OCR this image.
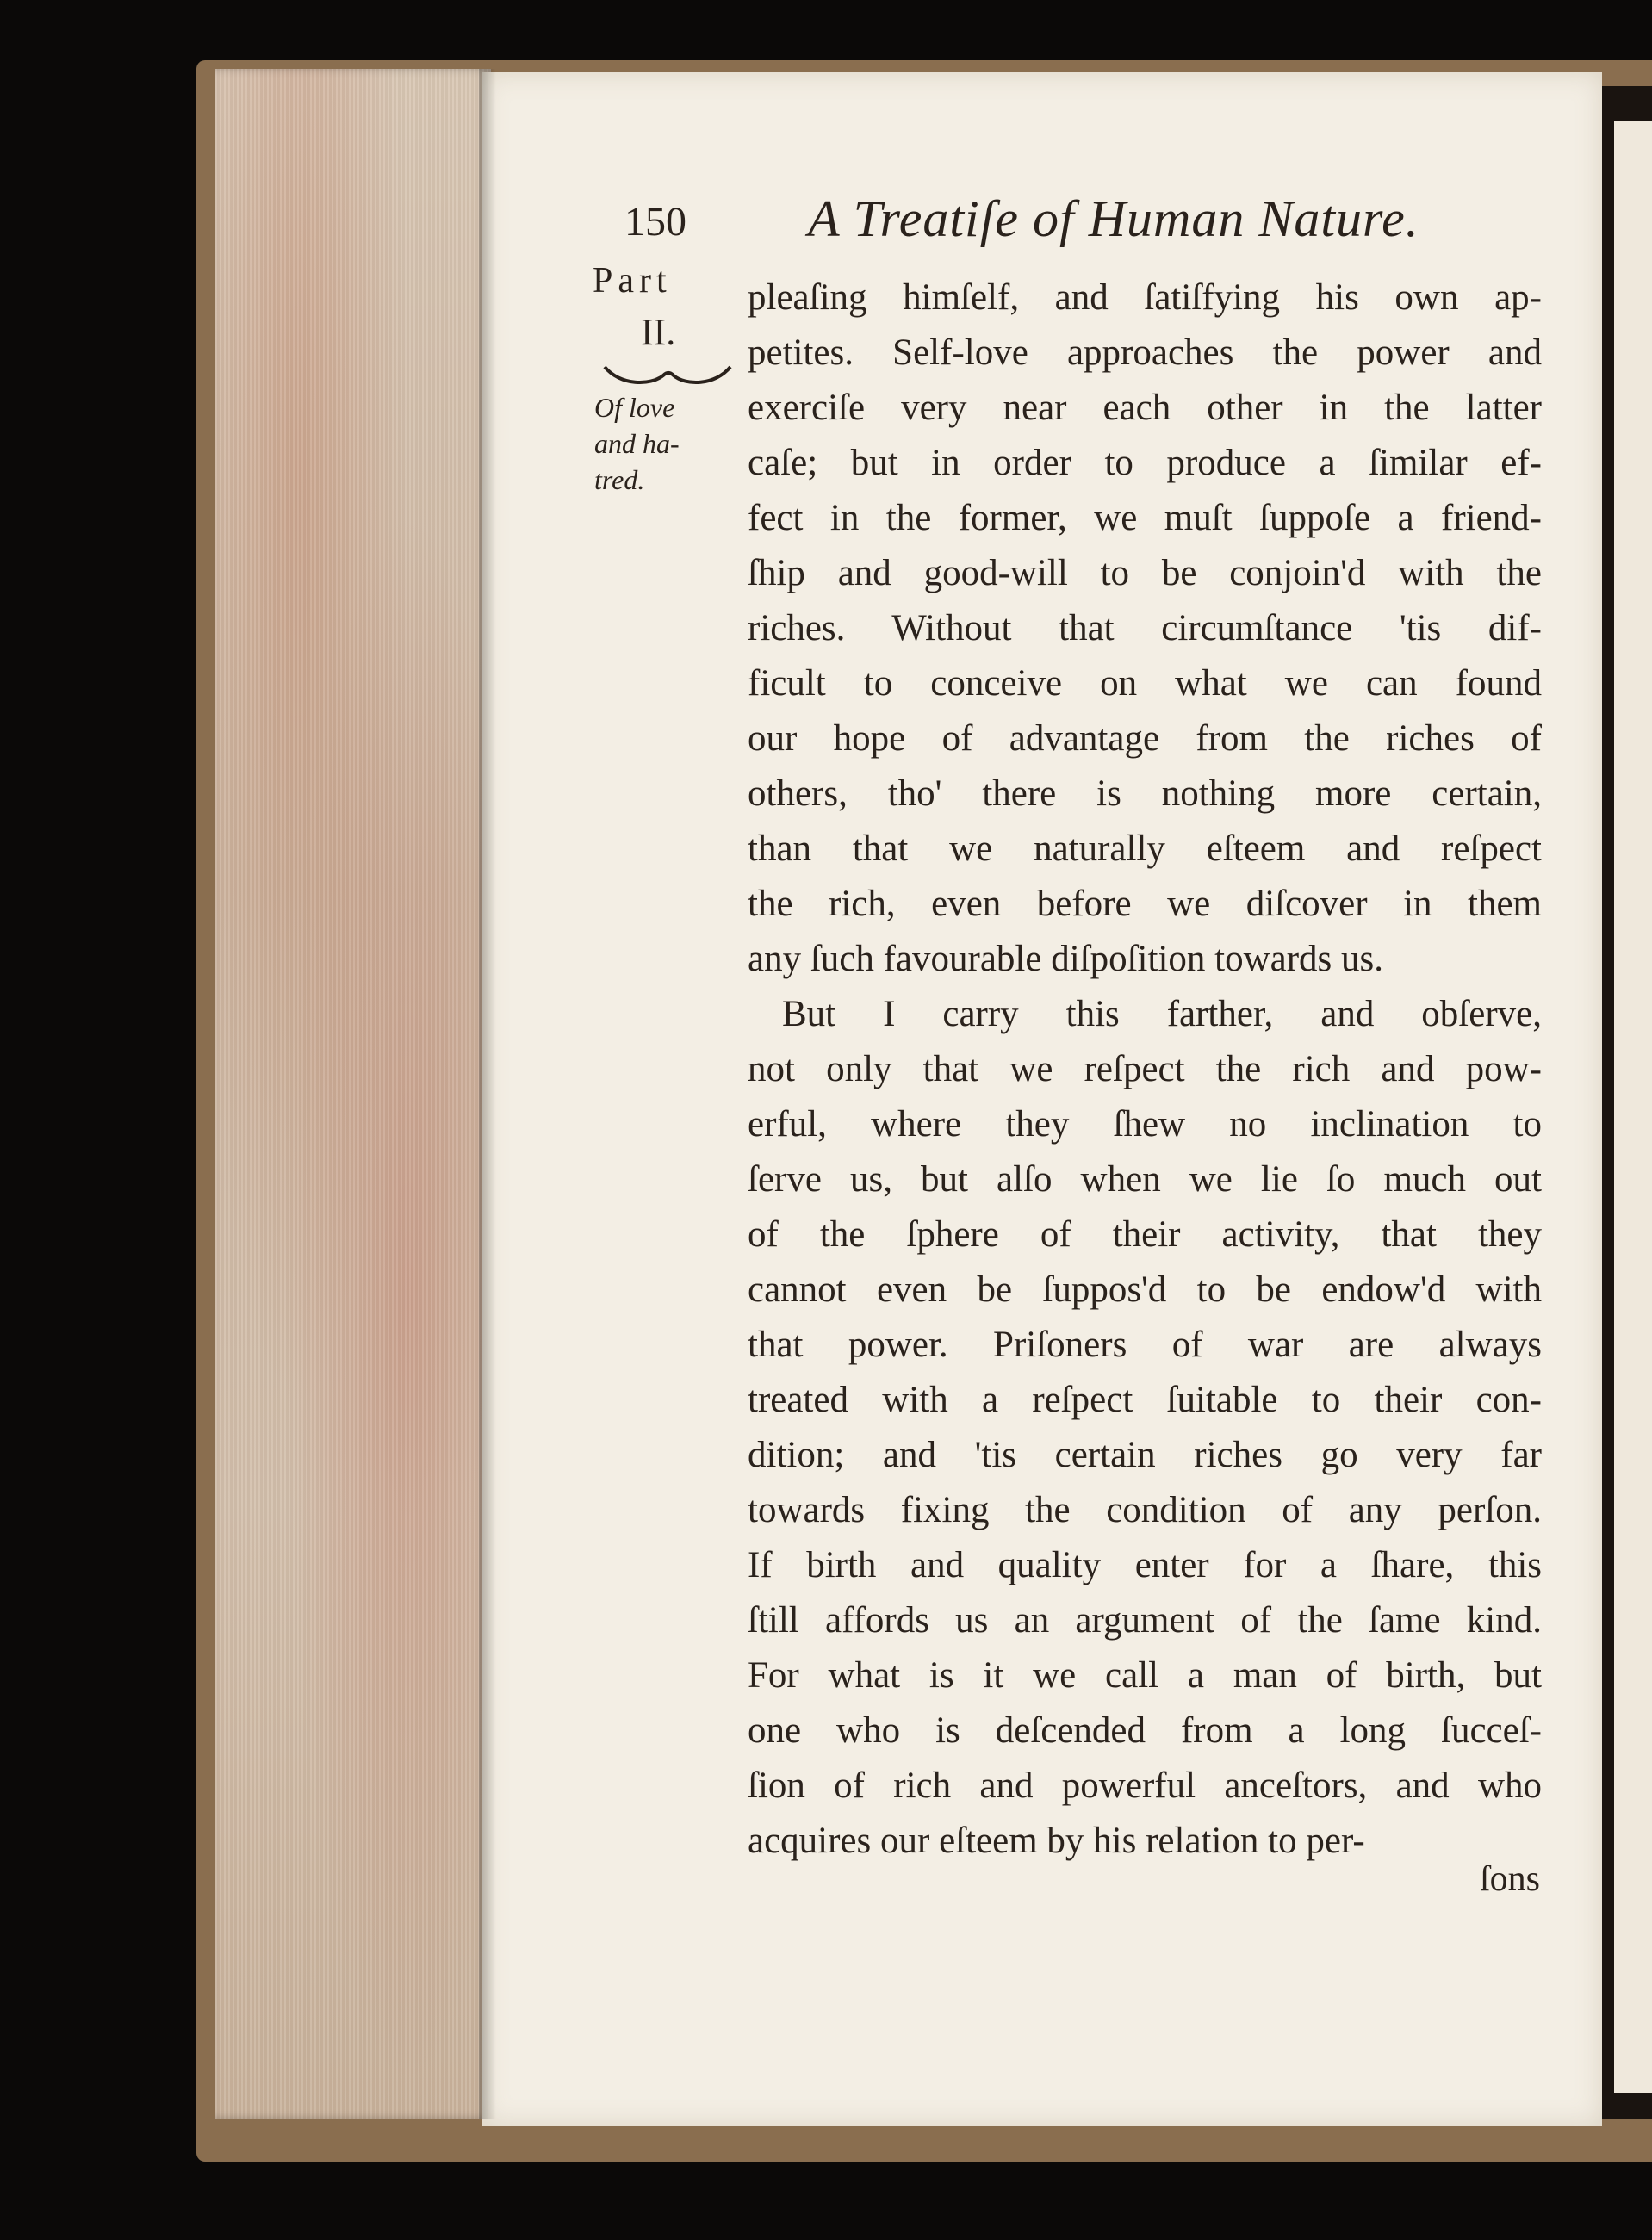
150 A Treatiſe of Human Nature.
Part
II.
Of love
and ha-
tred.
pleaſing himſelf, and ſatiſfying his own ap-
petites. Self-love approaches the power and
exerciſe very near each other in the latter
caſe; but in order to produce a ſimilar ef-
fect in the former, we muſt ſuppoſe a friend-
ſhip and good-will to be conjoin'd with the
riches. Without that circumſtance 'tis dif-
ficult to conceive on what we can found
our hope of advantage from the riches of
others, tho' there is nothing more certain,
than that we naturally eſteem and reſpect
the rich, even before we diſcover in them
any ſuch favourable diſpoſition towards us.
But I carry this farther, and obſerve,
not only that we reſpect the rich and pow-
erful, where they ſhew no inclination to
ſerve us, but alſo when we lie ſo much out
of the ſphere of their activity, that they
cannot even be ſuppos'd to be endow'd with
that power. Priſoners of war are always
treated with a reſpect ſuitable to their con-
dition; and 'tis certain riches go very far
towards fixing the condition of any perſon.
If birth and quality enter for a ſhare, this
ſtill affords us an argument of the ſame kind.
For what is it we call a man of birth, but
one who is deſcended from a long ſucceſ-
ſion of rich and powerful anceſtors, and who
acquires our eſteem by his relation to per-
ſons
